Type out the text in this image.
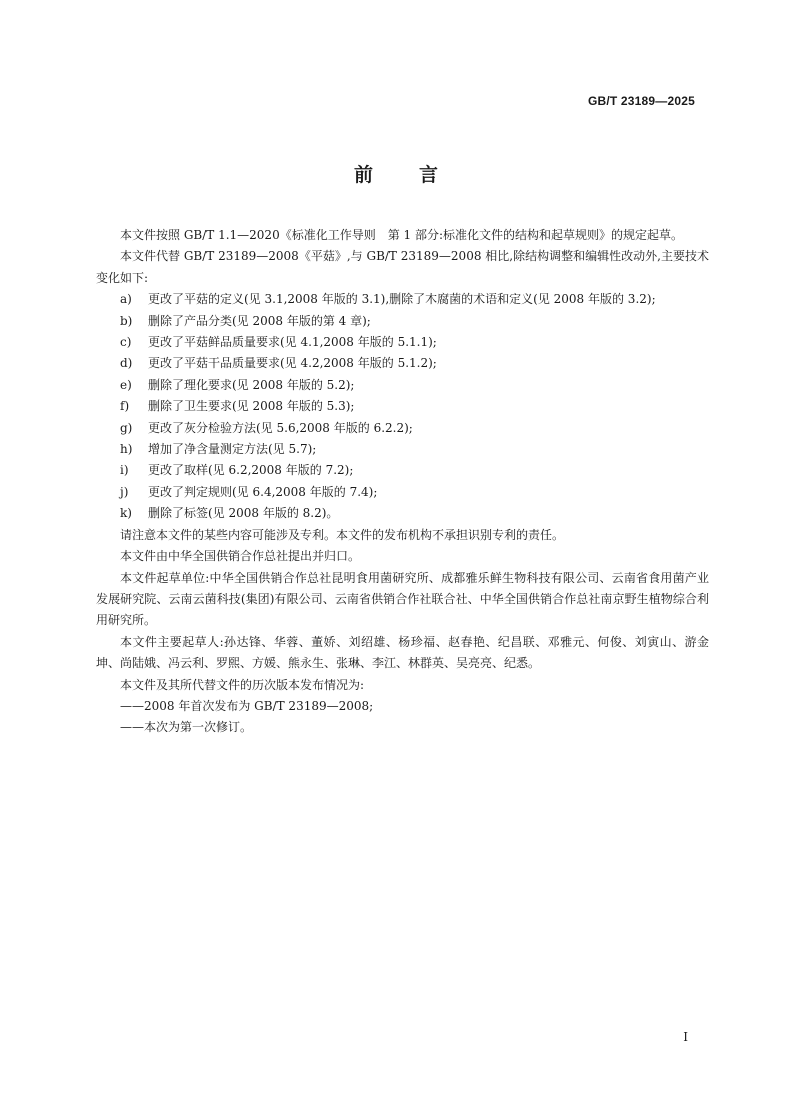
GB/T 23189—2025
前 言

本文件按照 GB/T 1.1—2020《标准化工作导则　第 1 部分:标准化文件的结构和起草规则》的规定起草。

本文件代替 GB/T 23189—2008《平菇》,与 GB/T 23189—2008 相比,除结构调整和编辑性改动外,主要技术变化如下:

a) 更改了平菇的定义(见 3.1,2008 年版的 3.1),删除了木腐菌的术语和定义(见 2008 年版的 3.2);

b) 删除了产品分类(见 2008 年版的第 4 章);

c) 更改了平菇鲜品质量要求(见 4.1,2008 年版的 5.1.1);

d) 更改了平菇干品质量要求(见 4.2,2008 年版的 5.1.2);

e) 删除了理化要求(见 2008 年版的 5.2);

f) 删除了卫生要求(见 2008 年版的 5.3);

g) 更改了灰分检验方法(见 5.6,2008 年版的 6.2.2);

h) 增加了净含量测定方法(见 5.7);

i) 更改了取样(见 6.2,2008 年版的 7.2);

j) 更改了判定规则(见 6.4,2008 年版的 7.4);

k) 删除了标签(见 2008 年版的 8.2)。

请注意本文件的某些内容可能涉及专利。本文件的发布机构不承担识别专利的责任。

本文件由中华全国供销合作总社提出并归口。

本文件起草单位:中华全国供销合作总社昆明食用菌研究所、成都雅乐鲜生物科技有限公司、云南省食用菌产业发展研究院、云南云菌科技(集团)有限公司、云南省供销合作社联合社、中华全国供销合作总社南京野生植物综合利用研究所。

本文件主要起草人:孙达锋、华蓉、董娇、刘绍雄、杨珍福、赵春艳、纪昌联、邓雅元、何俊、刘寅山、游金坤、尚陆娥、冯云利、罗熙、方媛、熊永生、张琳、李江、林群英、吴亮亮、纪悉。

本文件及其所代替文件的历次版本发布情况为:

——2008 年首次发布为 GB/T 23189—2008;

——本次为第一次修订。

I
